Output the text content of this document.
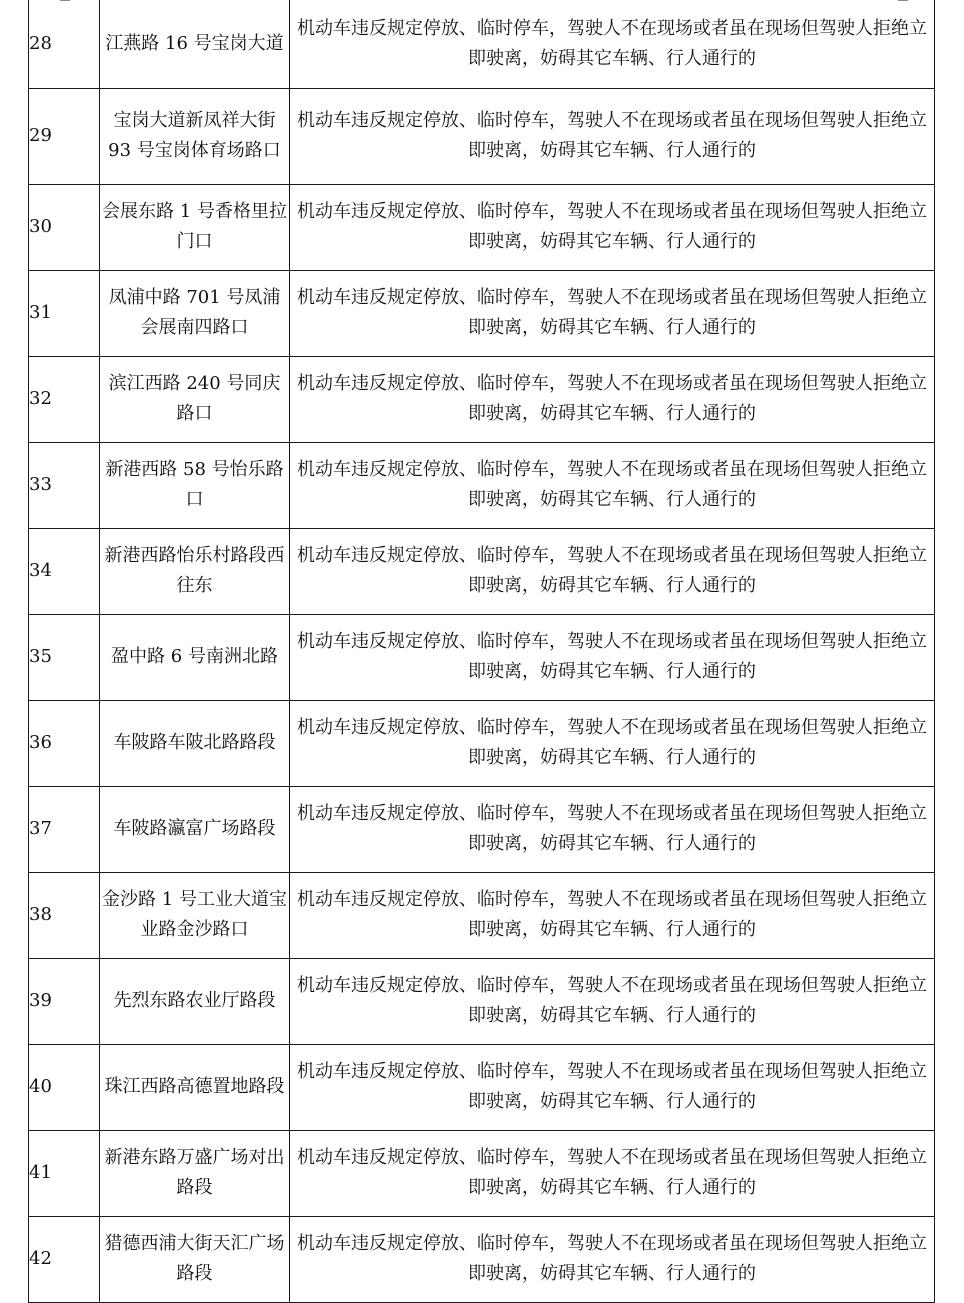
28	江燕路 16 号宝岗大道	机动车违反规定停放、临时停车，驾驶人不在现场或者虽在现场但驾驶人拒绝立即驶离，妨碍其它车辆、行人通行的
29	宝岗大道新凤祥大街 93 号宝岗体育场路口	机动车违反规定停放、临时停车，驾驶人不在现场或者虽在现场但驾驶人拒绝立即驶离，妨碍其它车辆、行人通行的
30	会展东路 1 号香格里拉门口	机动车违反规定停放、临时停车，驾驶人不在现场或者虽在现场但驾驶人拒绝立即驶离，妨碍其它车辆、行人通行的
31	凤浦中路 701 号凤浦会展南四路口	机动车违反规定停放、临时停车，驾驶人不在现场或者虽在现场但驾驶人拒绝立即驶离，妨碍其它车辆、行人通行的
32	滨江西路 240 号同庆路口	机动车违反规定停放、临时停车，驾驶人不在现场或者虽在现场但驾驶人拒绝立即驶离，妨碍其它车辆、行人通行的
33	新港西路 58 号怡乐路口	机动车违反规定停放、临时停车，驾驶人不在现场或者虽在现场但驾驶人拒绝立即驶离，妨碍其它车辆、行人通行的
34	新港西路怡乐村路段西往东	机动车违反规定停放、临时停车，驾驶人不在现场或者虽在现场但驾驶人拒绝立即驶离，妨碍其它车辆、行人通行的
35	盈中路 6 号南洲北路	机动车违反规定停放、临时停车，驾驶人不在现场或者虽在现场但驾驶人拒绝立即驶离，妨碍其它车辆、行人通行的
36	车陂路车陂北路路段	机动车违反规定停放、临时停车，驾驶人不在现场或者虽在现场但驾驶人拒绝立即驶离，妨碍其它车辆、行人通行的
37	车陂路瀛富广场路段	机动车违反规定停放、临时停车，驾驶人不在现场或者虽在现场但驾驶人拒绝立即驶离，妨碍其它车辆、行人通行的
38	金沙路 1 号工业大道宝业路金沙路口	机动车违反规定停放、临时停车，驾驶人不在现场或者虽在现场但驾驶人拒绝立即驶离，妨碍其它车辆、行人通行的
39	先烈东路农业厅路段	机动车违反规定停放、临时停车，驾驶人不在现场或者虽在现场但驾驶人拒绝立即驶离，妨碍其它车辆、行人通行的
40	珠江西路高德置地路段	机动车违反规定停放、临时停车，驾驶人不在现场或者虽在现场但驾驶人拒绝立即驶离，妨碍其它车辆、行人通行的
41	新港东路万盛广场对出路段	机动车违反规定停放、临时停车，驾驶人不在现场或者虽在现场但驾驶人拒绝立即驶离，妨碍其它车辆、行人通行的
42	猎德西浦大街天汇广场路段	机动车违反规定停放、临时停车，驾驶人不在现场或者虽在现场但驾驶人拒绝立即驶离，妨碍其它车辆、行人通行的
